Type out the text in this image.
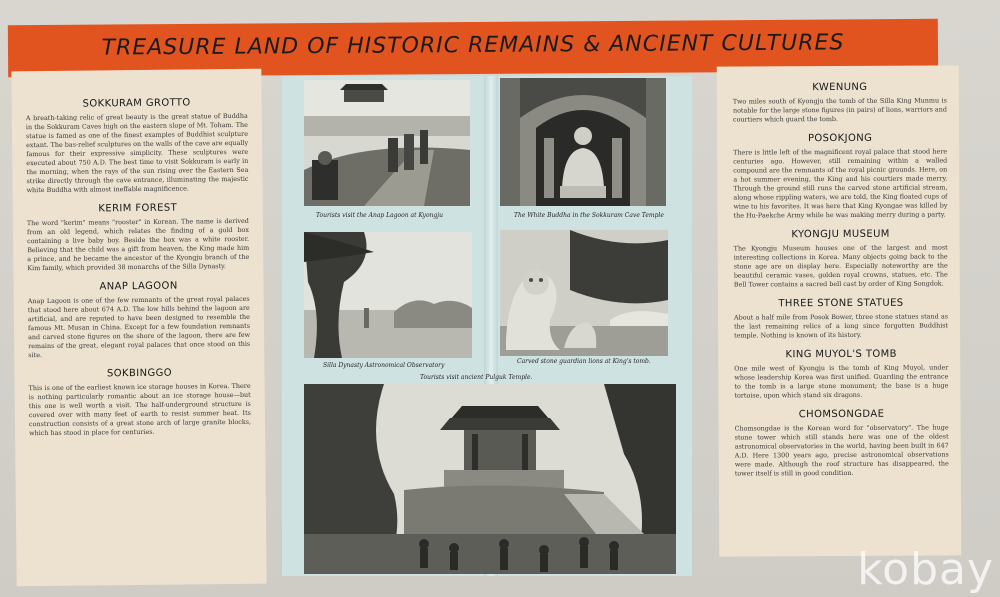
TREASURE LAND OF HISTORIC REMAINS & ANCIENT CULTURES
SOKKURAM GROTTO
A breath-taking relic of great beauty is the great statue of Buddha in the Sokkuram Caves high on the eastern slope of Mt. Toham. The statue is famed as one of the finest examples of Buddhist sculpture extant. The bas-relief sculptures on the walls of the cave are equally famous for their expressive simplicity. These sculptures were executed about 750 A.D. The best time to visit Sokkuram is early in the morning, when the rays of the sun rising over the Eastern Sea strike directly through the cave entrance, illuminating the majestic white Buddha with almost ineffable magnificence.
KERIM FOREST
The word "kerim" means "rooster" in Korean. The name is derived from an old legend, which relates the finding of a gold box containing a live baby boy. Beside the box was a white rooster. Believing that the child was a gift from heaven, the King made him a prince, and he became the ancestor of the Kyongju branch of the Kim family, which provided 38 monarchs of the Silla Dynasty.
ANAP LAGOON
Anap Lagoon is one of the few remnants of the great royal palaces that stood here about 674 A.D. The low hills behind the lagoon are artificial, and are reputed to have been designed to resemble the famous Mt. Musan in China. Except for a few foundation remnants and carved stone figures on the shore of the lagoon, there are few remains of the great, elegant royal palaces that once stood on this site.
SOKBINGGO
This is one of the earliest known ice storage houses in Korea. There is nothing particularly romantic about an ice storage house—but this one is well worth a visit. The half-underground structure is covered over with many feet of earth to resist summer heat. Its construction consists of a great stone arch of large granite blocks, which has stood in place for centuries.
Tourists visit the Anap Lagoon at Kyongju	The White Buddha in the Sokkuram Cave Temple
Silla Dynasty Astronomical Observatory
Carved stone guardian lions at King's tomb.
Tourists visit ancient Pulguk Temple.
KWENUNG
Two miles south of Kyongju the tomb of the Silla King Munmu is notable for the large stone figures (in pairs) of lions, warriors and courtiers which guard the tomb.
POSOKJONG
There is little left of the magnificent royal palace that stood here centuries ago. However, still remaining within a walled compound are the remnants of the royal picnic grounds. Here, on a hot summer evening, the King and his courtiers made merry. Through the ground still runs the carved stone artificial stream, along whose rippling waters, we are told, the King floated cups of wine to his favorites. It was here that King Kyongae was killed by the Hu-Paekche Army while he was making merry during a party.
KYONGJU MUSEUM
The Kyongju Museum houses one of the largest and most interesting collections in Korea. Many objects going back to the stone age are on display here. Especially noteworthy are the beautiful ceramic vases, golden royal crowns, statues, etc. The Bell Tower contains a sacred bell cast by order of King Songdok.
THREE STONE STATUES
About a half mile from Posok Bower, three stone statues stand as the last remaining relics of a long since forgotten Buddhist temple. Nothing is known of its history.
KING MUYOL'S TOMB
One mile west of Kyongju is the tomb of King Muyol, under whose leadership Korea was first unified. Guarding the entrance to the tomb is a large stone monument; the base is a huge tortoise, upon which stand six dragons.
CHOMSONGDAE
Chomsongdae is the Korean word for "observatory". The huge stone tower which still stands here was one of the oldest astronomical observatories in the world, having been built in 647 A.D. Here 1300 years ago, precise astronomical observations were made. Although the roof structure has disappeared, the tower itself is still in good condition.
kobay
